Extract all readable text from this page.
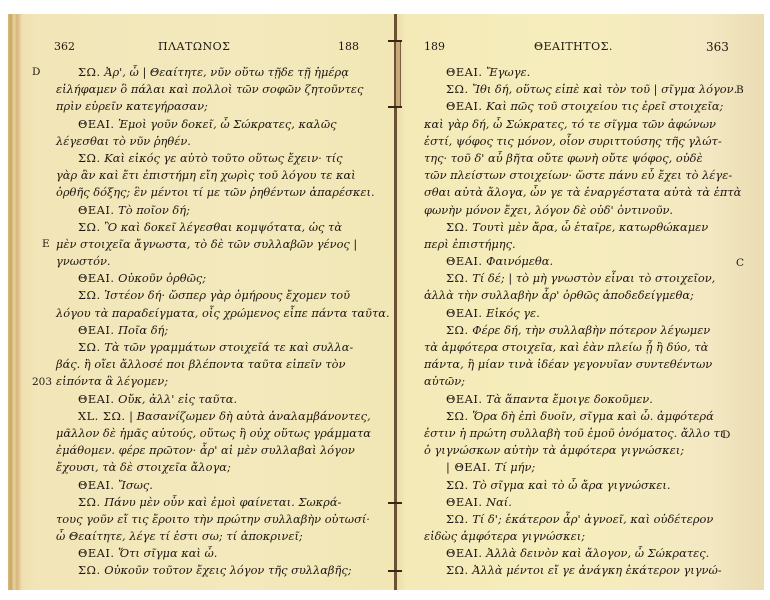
362	ΠΛΑΤΩΝΟΣ	188
D
E
203
ΣΩ. Ἀρ', ὦ | Θεαίτητε, νῦν οὕτω τῇδε τῇ ἡμέρᾳ
εἰλήφαμεν ὃ πάλαι καὶ πολλοὶ τῶν σοφῶν ζητοῦντες
πρὶν εὑρεῖν κατεγήρασαν;
ΘΕΑΙ. Ἐμοὶ γοῦν δοκεῖ, ὦ Σώκρατες, καλῶς
λέγεσθαι τὸ νῦν ῥηθέν.
ΣΩ. Καὶ εἰκός γε αὐτὸ τοῦτο οὕτως ἔχειν· τίς
γὰρ ἂν καὶ ἔτι ἐπιστήμη εἴη χωρὶς τοῦ λόγου τε καὶ
ὀρθῆς δόξης; ἓν μέντοι τί με τῶν ῥηθέντων ἀπαρέσκει.
ΘΕΑΙ. Τὸ ποῖον δή;
ΣΩ. Ὃ καὶ δοκεῖ λέγεσθαι κομψότατα, ὡς τὰ
μὲν στοιχεῖα ἄγνωστα, τὸ δὲ τῶν συλλαβῶν γένος |
γνωστόν.
ΘΕΑΙ. Οὐκοῦν ὀρθῶς;
ΣΩ. Ἰστέον δή· ὥσπερ γὰρ ὁμήρους ἔχομεν τοῦ
λόγου τὰ παραδείγματα, οἷς χρώμενος εἶπε πάντα ταῦτα.
ΘΕΑΙ. Ποῖα δή;
ΣΩ. Τὰ τῶν γραμμάτων στοιχεῖά τε καὶ συλλα-
βάς. ἢ οἴει ἄλλοσέ ποι βλέποντα ταῦτα εἰπεῖν τὸν
εἰπόντα ἃ λέγομεν;
ΘΕΑΙ. Οὔκ, ἀλλ' εἰς ταῦτα.
XL. ΣΩ. | Βασανίζωμεν δὴ αὐτὰ ἀναλαμβάνοντες,
μᾶλλον δὲ ἡμᾶς αὐτούς, οὕτως ἢ οὐχ οὕτως γράμματα
ἐμάθομεν. φέρε πρῶτον· ἆρ' αἱ μὲν συλλαβαὶ λόγον
ἔχουσι, τὰ δὲ στοιχεῖα ἄλογα;
ΘΕΑΙ. Ἴσως.
ΣΩ. Πάνυ μὲν οὖν καὶ ἐμοὶ φαίνεται. Σωκρά-
τους γοῦν εἴ τις ἔροιτο τὴν πρώτην συλλαβὴν οὑτωσί·
ὦ Θεαίτητε, λέγε τί ἐστι σω; τί ἀποκρινεῖ;
ΘΕΑΙ. Ὅτι σῖγμα καὶ ὦ.
ΣΩ. Οὐκοῦν τοῦτον ἔχεις λόγον τῆς συλλαβῆς;
189	ΘΕΑΙΤΗΤΟΣ.	363
B
C
D
ΘΕΑΙ. Ἔγωγε.
ΣΩ. Ἴθι δή, οὕτως εἰπὲ καὶ τὸν τοῦ | σῖγμα λόγον.
ΘΕΑΙ. Καὶ πῶς τοῦ στοιχείου τις ἐρεῖ στοιχεῖα;
καὶ γὰρ δή, ὦ Σώκρατες, τό τε σῖγμα τῶν ἀφώνων
ἐστί, ψόφος τις μόνον, οἷον συριττούσης τῆς γλώτ-
της· τοῦ δ' αὖ βῆτα οὔτε φωνὴ οὔτε ψόφος, οὐδὲ
τῶν πλείστων στοιχείων· ὥστε πάνυ εὖ ἔχει τὸ λέγε-
σθαι αὐτὰ ἄλογα, ὧν γε τὰ ἐναργέστατα αὐτὰ τὰ ἑπτὰ
φωνὴν μόνον ἔχει, λόγον δὲ οὐδ' ὁντινοῦν.
ΣΩ. Τουτὶ μὲν ἄρα, ὦ ἑταῖρε, κατωρθώκαμεν
περὶ ἐπιστήμης.
ΘΕΑΙ. Φαινόμεθα.
ΣΩ. Τί δέ; | τὸ μὴ γνωστὸν εἶναι τὸ στοιχεῖον,
ἀλλὰ τὴν συλλαβὴν ἆρ' ὀρθῶς ἀποδεδείγμεθα;
ΘΕΑΙ. Εἰκός γε.
ΣΩ. Φέρε δή, τὴν συλλαβὴν πότερον λέγωμεν
τὰ ἀμφότερα στοιχεῖα, καὶ ἐὰν πλείω ᾖ ἢ δύο, τὰ
πάντα, ἢ μίαν τινὰ ἰδέαν γεγονυῖαν συντεθέντων
αὐτῶν;
ΘΕΑΙ. Τὰ ἅπαντα ἔμοιγε δοκοῦμεν.
ΣΩ. Ὅρα δὴ ἐπὶ δυοῖν, σῖγμα καὶ ὦ. ἀμφότερά
ἐστιν ἡ πρώτη συλλαβὴ τοῦ ἐμοῦ ὀνόματος. ἄλλο τι
ὁ γιγνώσκων αὐτὴν τὰ ἀμφότερα γιγνώσκει;
| ΘΕΑΙ. Τί μήν;
ΣΩ. Τὸ σῖγμα καὶ τὸ ὦ ἄρα γιγνώσκει.
ΘΕΑΙ. Ναί.
ΣΩ. Τί δ'; ἑκάτερον ἆρ' ἀγνοεῖ, καὶ οὐδέτερον
εἰδὼς ἀμφότερα γιγνώσκει;
ΘΕΑΙ. Ἀλλὰ δεινὸν καὶ ἄλογον, ὦ Σώκρατες.
ΣΩ. Ἀλλὰ μέντοι εἴ γε ἀνάγκη ἑκάτερον γιγνώ-
